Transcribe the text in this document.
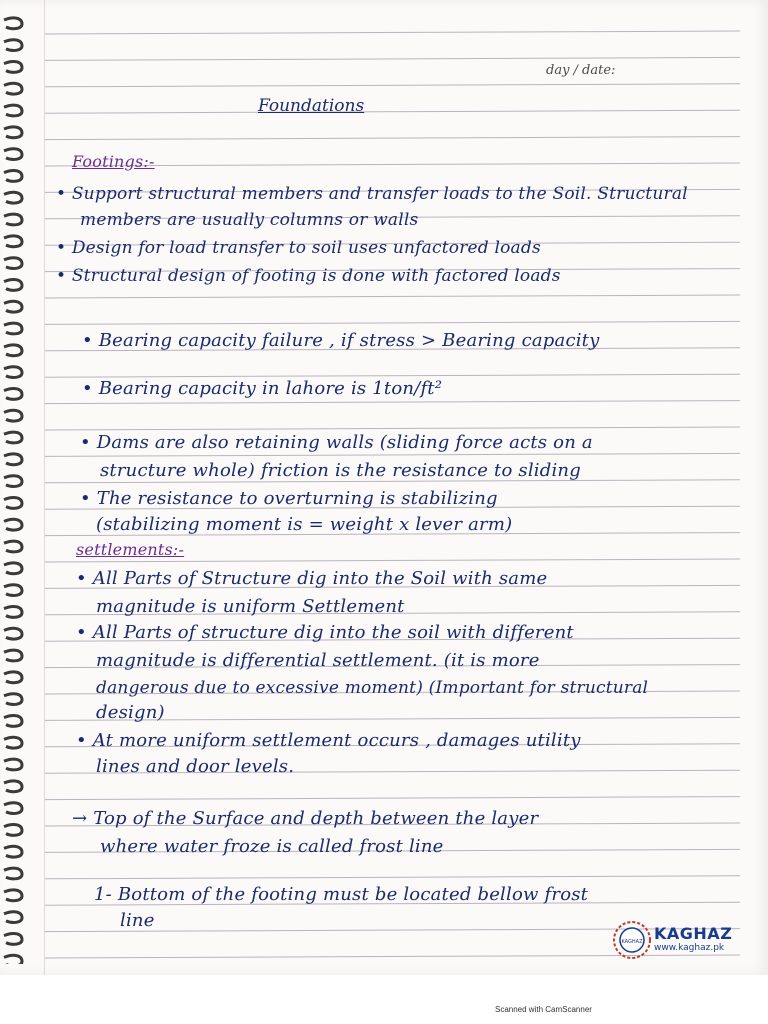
day / date:
Foundations
Footings:-
• Support structural members and transfer loads to the Soil. Structural
members are usually columns or walls
• Design for load transfer to soil uses unfactored loads
• Structural design of footing is done with factored loads
• Bearing capacity failure , if stress > Bearing capacity
• Bearing capacity in lahore is 1ton/ft²
• Dams are also retaining walls (sliding force acts on a
structure whole) friction is the resistance to sliding
• The resistance to overturning is stabilizing
(stabilizing moment is = weight x lever arm)
settlements:-
• All Parts of Structure dig into the Soil with same
magnitude is uniform Settlement
• All Parts of structure dig into the soil with different
magnitude is differential settlement. (it is more
dangerous due to excessive moment) (Important for structural
design)
• At more uniform settlement occurs , damages utility
lines and door levels.
→ Top of the Surface and depth between the layer
where water froze is called frost line
1- Bottom of the footing must be located bellow frost
line
KAGHAZ KAGHAZ
www.kaghaz.pk
Scanned with CamScanner
